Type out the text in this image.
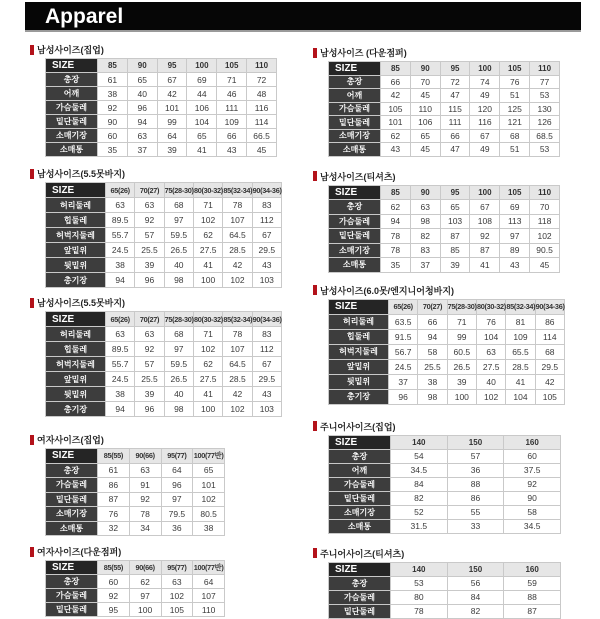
Apparel
남성사이즈(집업)
SIZE	85	90	95	100	105	110
총장	61	65	67	69	71	72
어깨	38	40	42	44	46	48
가슴둘레	92	96	101	106	111	116
밑단둘레	90	94	99	104	109	114
소매기장	60	63	64	65	66	66.5
소매통	35	37	39	41	43	45
남성사이즈(5.5못바지)
SIZE	65(26)	70(27)	75(28-30)	80(30-32)	85(32-34)	90(34-36)
허리둘레	63	63	68	71	78	83
힙둘레	89.5	92	97	102	107	112
허벅지둘레	55.7	57	59.5	62	64.5	67
앞밑위	24.5	25.5	26.5	27.5	28.5	29.5
뒷밑위	38	39	40	41	42	43
총기장	94	96	98	100	102	103
남성사이즈(5.5못바지)
SIZE	65(26)	70(27)	75(28-30)	80(30-32)	85(32-34)	90(34-36)
허리둘레	63	63	68	71	78	83
힙둘레	89.5	92	97	102	107	112
허벅지둘레	55.7	57	59.5	62	64.5	67
앞밑위	24.5	25.5	26.5	27.5	28.5	29.5
뒷밑위	38	39	40	41	42	43
총기장	94	96	98	100	102	103
여자사이즈(집업)
SIZE	85(55)	90(66)	95(77)	100(77반)
총장	61	63	64	65
가슴둘레	86	91	96	101
밑단둘레	87	92	97	102
소매기장	76	78	79.5	80.5
소매통	32	34	36	38
여자사이즈(다운점퍼)
SIZE	85(55)	90(66)	95(77)	100(77반)
총장	60	62	63	64
가슴둘레	92	97	102	107
밑단둘레	95	100	105	110
남성사이즈 (다운점퍼)
SIZE	85	90	95	100	105	110
총장	66	70	72	74	76	77
어깨	42	45	47	49	51	53
가슴둘레	105	110	115	120	125	130
밑단둘레	101	106	111	116	121	126
소매기장	62	65	66	67	68	68.5
소매통	43	45	47	49	51	53
남성사이즈(티셔츠)
SIZE	85	90	95	100	105	110
총장	62	63	65	67	69	70
가슴둘레	94	98	103	108	113	118
밑단둘레	78	82	87	92	97	102
소매기장	78	83	85	87	89	90.5
소매통	35	37	39	41	43	45
남성사이즈(6.0못/엔지니어청바지)
SIZE	65(26)	70(27)	75(28-30)	80(30-32)	85(32-34)	90(34-36)
허리둘레	63.5	66	71	76	81	86
힙둘레	91.5	94	99	104	109	114
허벅지둘레	56.7	58	60.5	63	65.5	68
앞밑위	24.5	25.5	26.5	27.5	28.5	29.5
뒷밑위	37	38	39	40	41	42
총기장	96	98	100	102	104	105
주니어사이즈(집업)
SIZE	140	150	160
총장	54	57	60
어깨	34.5	36	37.5
가슴둘레	84	88	92
밑단둘레	82	86	90
소매기장	52	55	58
소매통	31.5	33	34.5
주니어사이즈(티셔츠)
SIZE	140	150	160
총장	53	56	59
가슴둘레	80	84	88
밑단둘레	78	82	87
